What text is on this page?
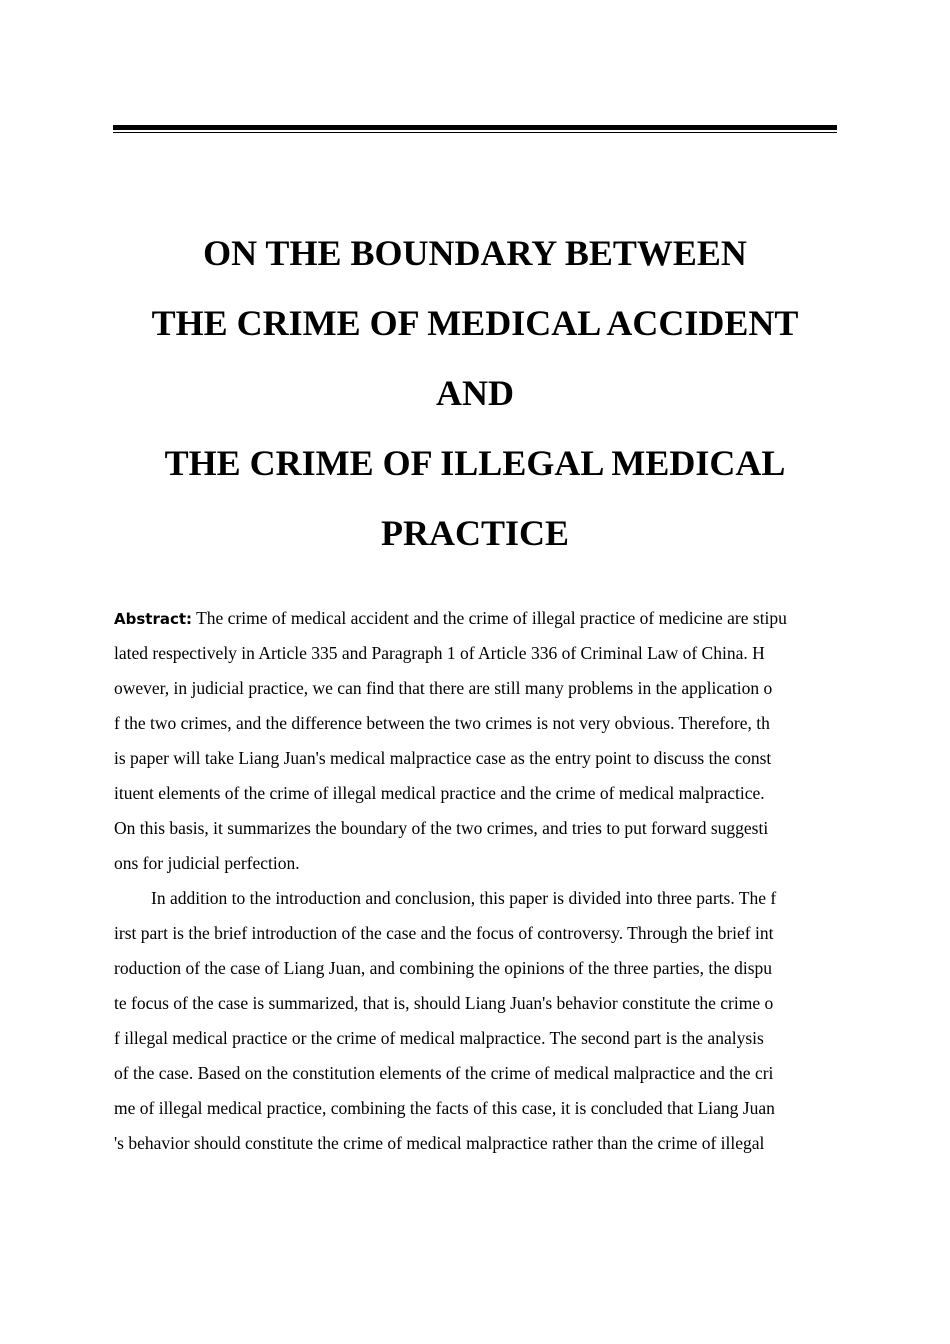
ON THE BOUNDARY BETWEEN
THE CRIME OF MEDICAL ACCIDENT
AND
THE CRIME OF ILLEGAL MEDICAL
PRACTICE
Abstract: The crime of medical accident and the crime of illegal practice of medicine are stipu
lated respectively in Article 335 and Paragraph 1 of Article 336 of Criminal Law of China. H
owever, in judicial practice, we can find that there are still many problems in the application o
f the two crimes, and the difference between the two crimes is not very obvious. Therefore, th
is paper will take Liang Juan's medical malpractice case as the entry point to discuss the const
ituent elements of the crime of illegal medical practice and the crime of medical malpractice.
On this basis, it summarizes the boundary of the two crimes, and tries to put forward suggesti
ons for judicial perfection.
In addition to the introduction and conclusion, this paper is divided into three parts. The f
irst part is the brief introduction of the case and the focus of controversy. Through the brief int
roduction of the case of Liang Juan, and combining the opinions of the three parties, the dispu
te focus of the case is summarized, that is, should Liang Juan's behavior constitute the crime o
f illegal medical practice or the crime of medical malpractice. The second part is the analysis
of the case. Based on the constitution elements of the crime of medical malpractice and the cri
me of illegal medical practice, combining the facts of this case, it is concluded that Liang Juan
's behavior should constitute the crime of medical malpractice rather than the crime of illegal
